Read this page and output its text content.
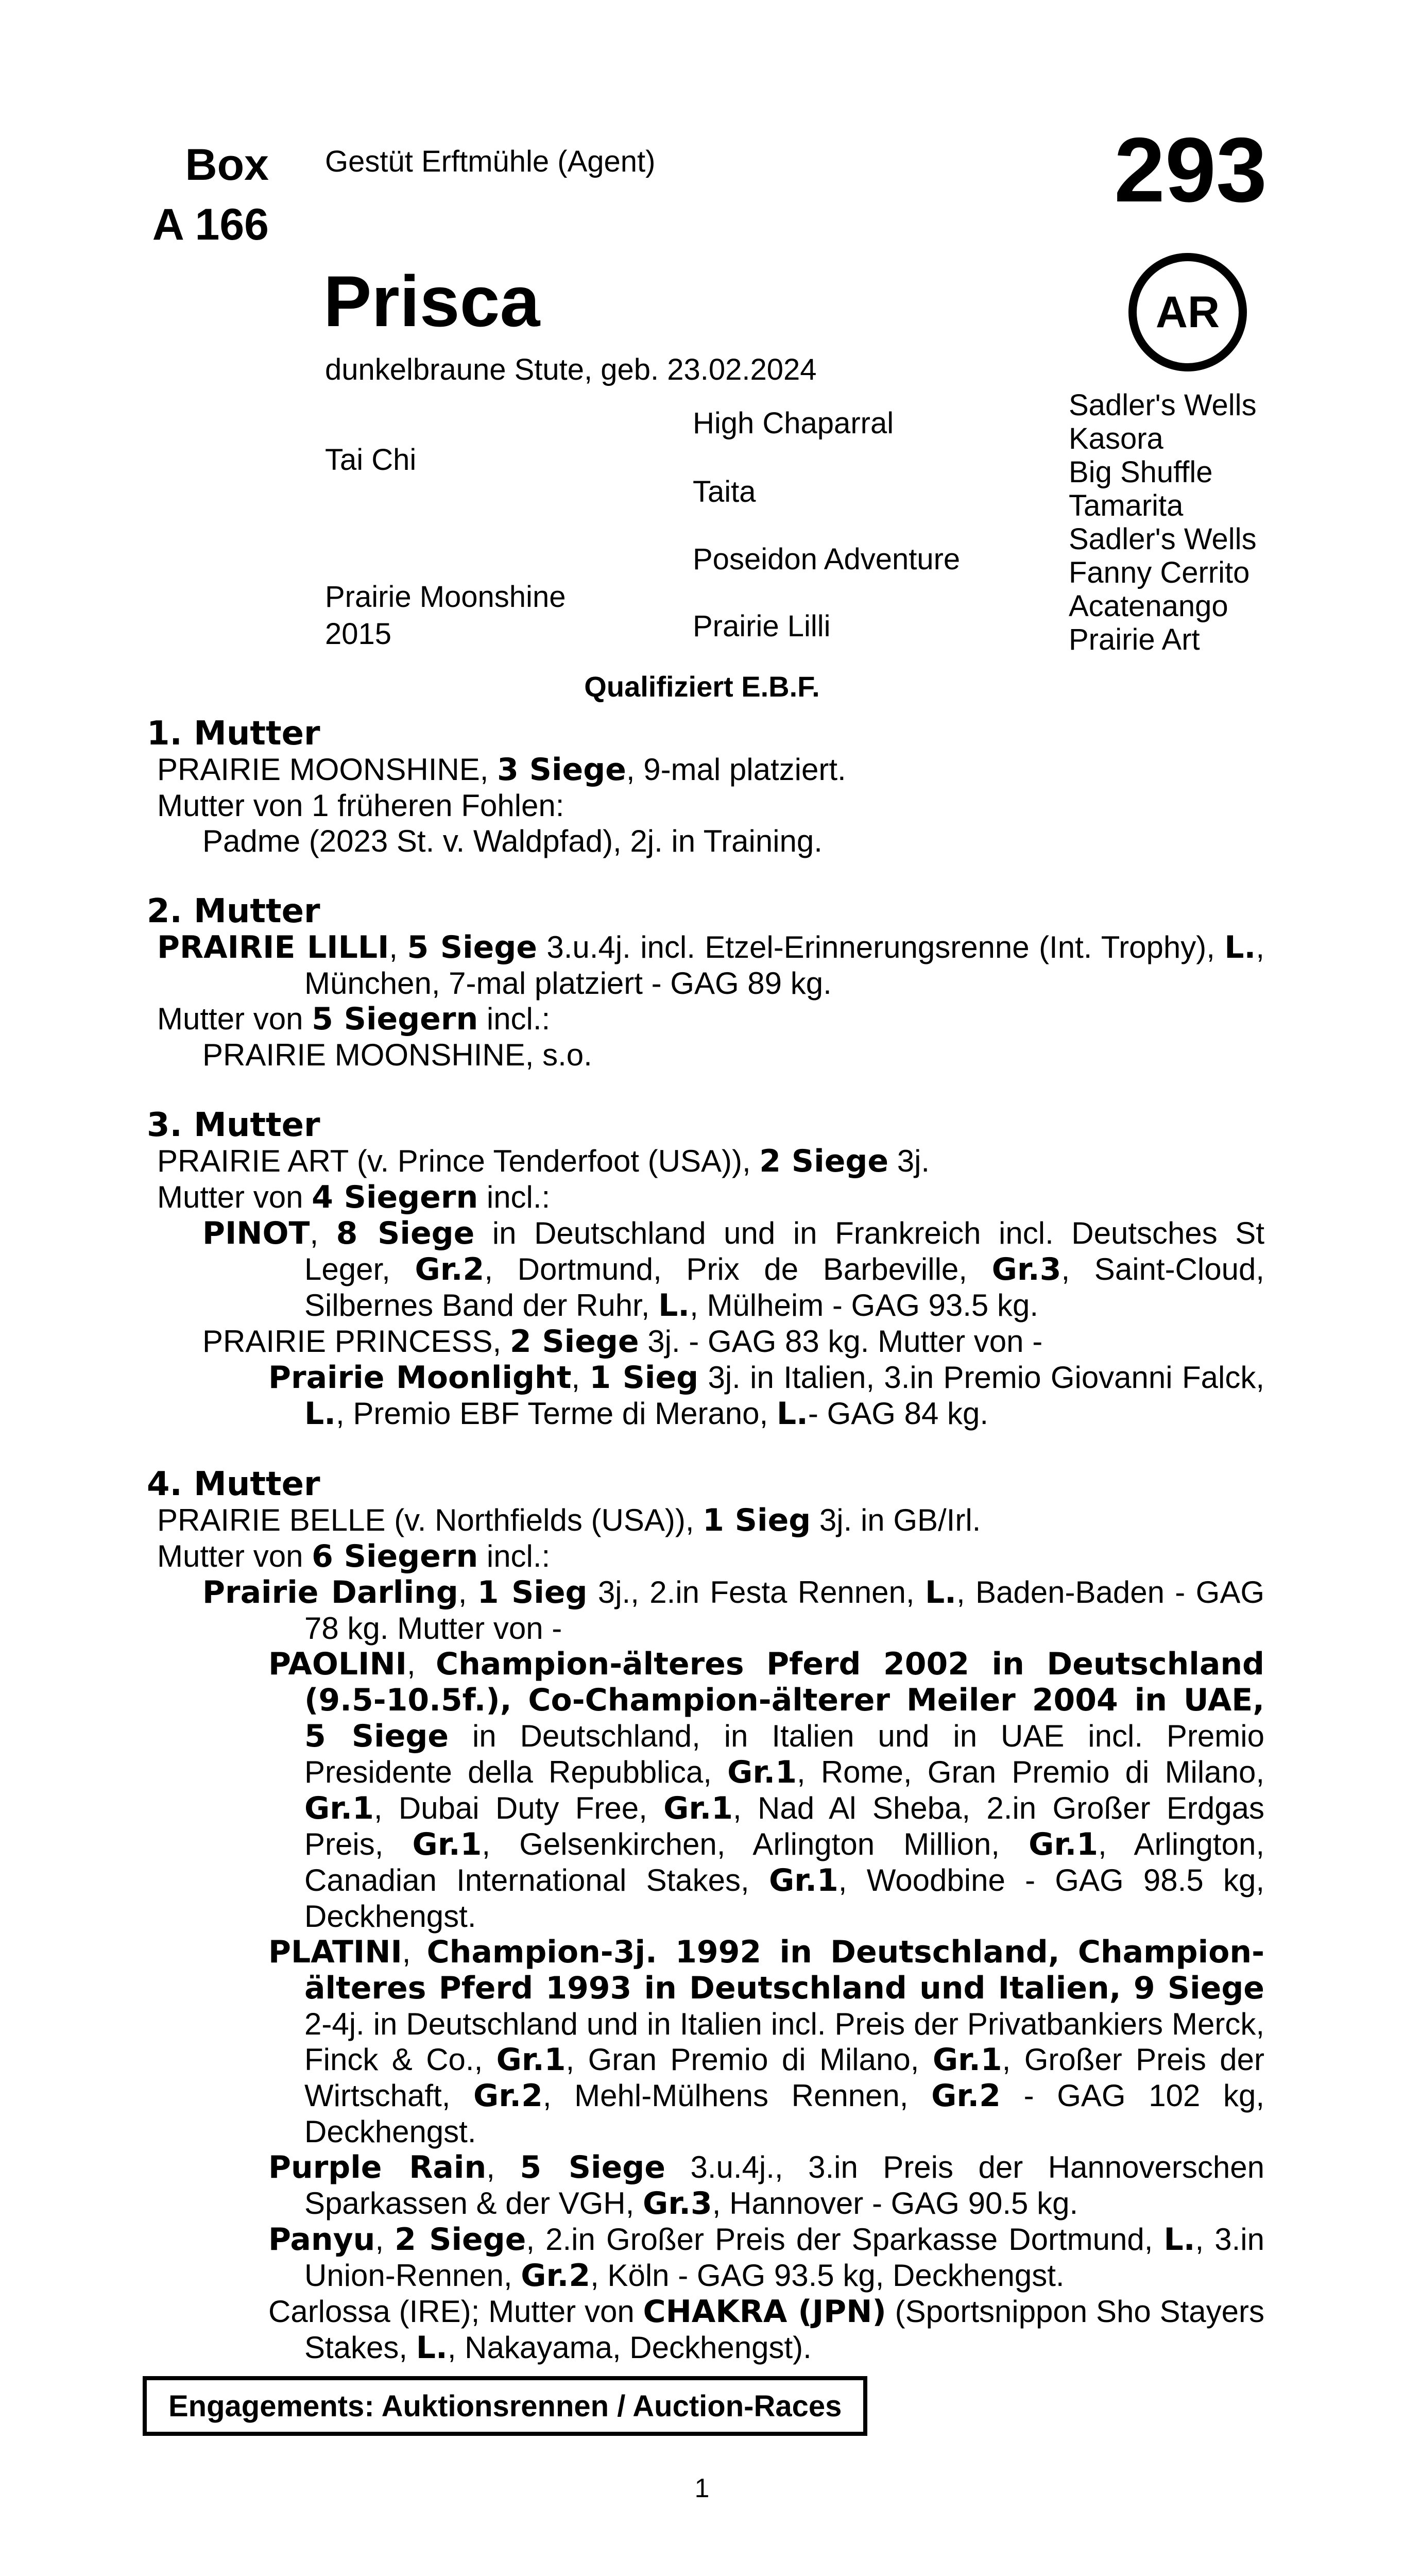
Box
A 166
Gestüt Erftmühle (Agent)	293
Prisca	AR
dunkelbraune Stute, geb. 23.02.2024
Tai Chi
Prairie Moonshine
2015
High Chaparral
Taita
Poseidon Adventure
Prairie Lilli
Sadler's Wells
Kasora
Big Shuffle
Tamarita
Sadler's Wells
Fanny Cerrito
Acatenango
Prairie Art
Qualifiziert E.B.F.
1. Mutter
PRAIRIE MOONSHINE, 3 Siege, 9-mal platziert.
Mutter von 1 früheren Fohlen:
Padme (2023 St. v. Waldpfad), 2j. in Training.
2. Mutter
PRAIRIE LILLI, 5 Siege 3.u.4j. incl. Etzel-Erinnerungsrenne (Int. Trophy), L., München, 7-mal platziert - GAG 89 kg.
Mutter von 5 Siegern incl.:
PRAIRIE MOONSHINE, s.o.
3. Mutter
PRAIRIE ART (v. Prince Tenderfoot (USA)), 2 Siege 3j.
Mutter von 4 Siegern incl.:
PINOT, 8 Siege in Deutschland und in Frankreich incl. Deutsches St Leger, Gr.2, Dortmund, Prix de Barbeville, Gr.3, Saint-Cloud, Silbernes Band der Ruhr, L., Mülheim - GAG 93.5 kg.
PRAIRIE PRINCESS, 2 Siege 3j. - GAG 83 kg. Mutter von -
Prairie Moonlight, 1 Sieg 3j. in Italien, 3.in Premio Giovanni Falck, L., Premio EBF Terme di Merano, L.- GAG 84 kg.
4. Mutter
PRAIRIE BELLE (v. Northfields (USA)), 1 Sieg 3j. in GB/Irl.
Mutter von 6 Siegern incl.:
Prairie Darling, 1 Sieg 3j., 2.in Festa Rennen, L., Baden-Baden - GAG 78 kg. Mutter von -
PAOLINI, Champion-älteres Pferd 2002 in Deutschland (9.5-10.5f.), Co-Champion-älterer Meiler 2004 in UAE, 5 Siege in Deutschland, in Italien und in UAE incl. Premio Presidente della Repubblica, Gr.1, Rome, Gran Premio di Milano, Gr.1, Dubai Duty Free, Gr.1, Nad Al Sheba, 2.in Großer Erdgas Preis, Gr.1, Gelsenkirchen, Arlington Million, Gr.1, Arlington, Canadian International Stakes, Gr.1, Woodbine - GAG 98.5 kg, Deckhengst.
PLATINI, Champion-3j. 1992 in Deutschland, Champion-älteres Pferd 1993 in Deutschland und Italien, 9 Siege 2-4j. in Deutschland und in Italien incl. Preis der Privatbankiers Merck, Finck & Co., Gr.1, Gran Premio di Milano, Gr.1, Großer Preis der Wirtschaft, Gr.2, Mehl-Mülhens Rennen, Gr.2 - GAG 102 kg, Deckhengst.
Purple Rain, 5 Siege 3.u.4j., 3.in Preis der Hannoverschen Sparkassen & der VGH, Gr.3, Hannover - GAG 90.5 kg.
Panyu, 2 Siege, 2.in Großer Preis der Sparkasse Dortmund, L., 3.in Union-Rennen, Gr.2, Köln - GAG 93.5 kg, Deckhengst.
Carlossa (IRE); Mutter von CHAKRA (JPN) (Sportsnippon Sho Stayers Stakes, L., Nakayama, Deckhengst).
Engagements: Auktionsrennen / Auction-Races
1
